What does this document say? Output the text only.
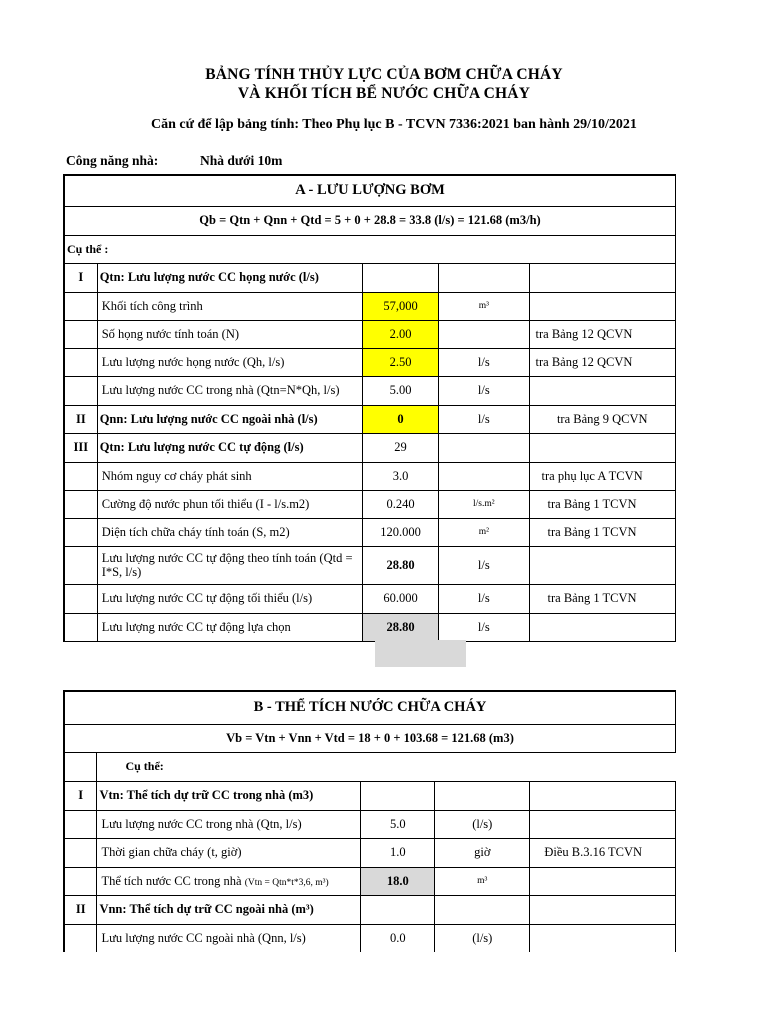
BẢNG TÍNH THỦY LỰC CỦA BƠM CHỮA CHÁY
VÀ KHỐI TÍCH BỂ NƯỚC CHỮA CHÁY
Căn cứ để lập bảng tính: Theo Phụ lục B - TCVN 7336:2021 ban hành 29/10/2021
Công năng nhà:	Nhà dưới 10m
A - LƯU LƯỢNG BƠM				
Qb = Qtn + Qnn + Qtd = 5 + 0 + 28.8 = 33.8 (l/s) = 121.68 (m3/h)				
Cụ thể :				
I	Qtn: Lưu lượng nước CC họng nước (l/s)			
	Khối tích công trình	57,000	m³	
	Số họng nước tính toán (N)	2.00		tra Bảng 12 QCVN
	Lưu lượng nước họng nước (Qh, l/s)	2.50	l/s	tra Bảng 12 QCVN
	Lưu lượng nước CC trong nhà (Qtn=N*Qh, l/s)	5.00	l/s	
II	Qnn: Lưu lượng nước CC ngoài nhà (l/s)	0	l/s	tra Bảng 9 QCVN
III	Qtn: Lưu lượng nước CC tự động (l/s)	29		
	Nhóm nguy cơ cháy phát sinh	3.0		tra phụ lục A TCVN
	Cường độ nước phun tối thiểu (I - l/s.m2)	0.240	l/s.m²	tra Bảng 1 TCVN
	Diện tích chữa cháy tính toán (S, m2)	120.000	m²	tra Bảng 1 TCVN
	Lưu lượng nước CC tự động theo tính toán (Qtd = I*S, l/s)	28.80	l/s	
	Lưu lượng nước CC tự động tối thiểu (l/s)	60.000	l/s	tra Bảng 1 TCVN
	Lưu lượng nước CC tự động lựa chọn	28.80	l/s	
B - THỂ TÍCH NƯỚC CHỮA CHÁY				
Vb = Vtn + Vnn + Vtd = 18 + 0 + 103.68 = 121.68 (m3)				
	Cụ thể:			
I	Vtn: Thể tích dự trữ CC trong nhà (m3)			
	Lưu lượng nước CC trong nhà (Qtn, l/s)	5.0	(l/s)	
	Thời gian chữa cháy (t, giờ)	1.0	giờ	Điều B.3.16 TCVN
	Thể tích nước CC trong nhà (Vtn = Qtn*t*3,6, m³)	18.0	m³	
II	Vnn: Thể tích dự trữ CC ngoài nhà (m³)			
	Lưu lượng nước CC ngoài nhà (Qnn, l/s)	0.0	(l/s)	
